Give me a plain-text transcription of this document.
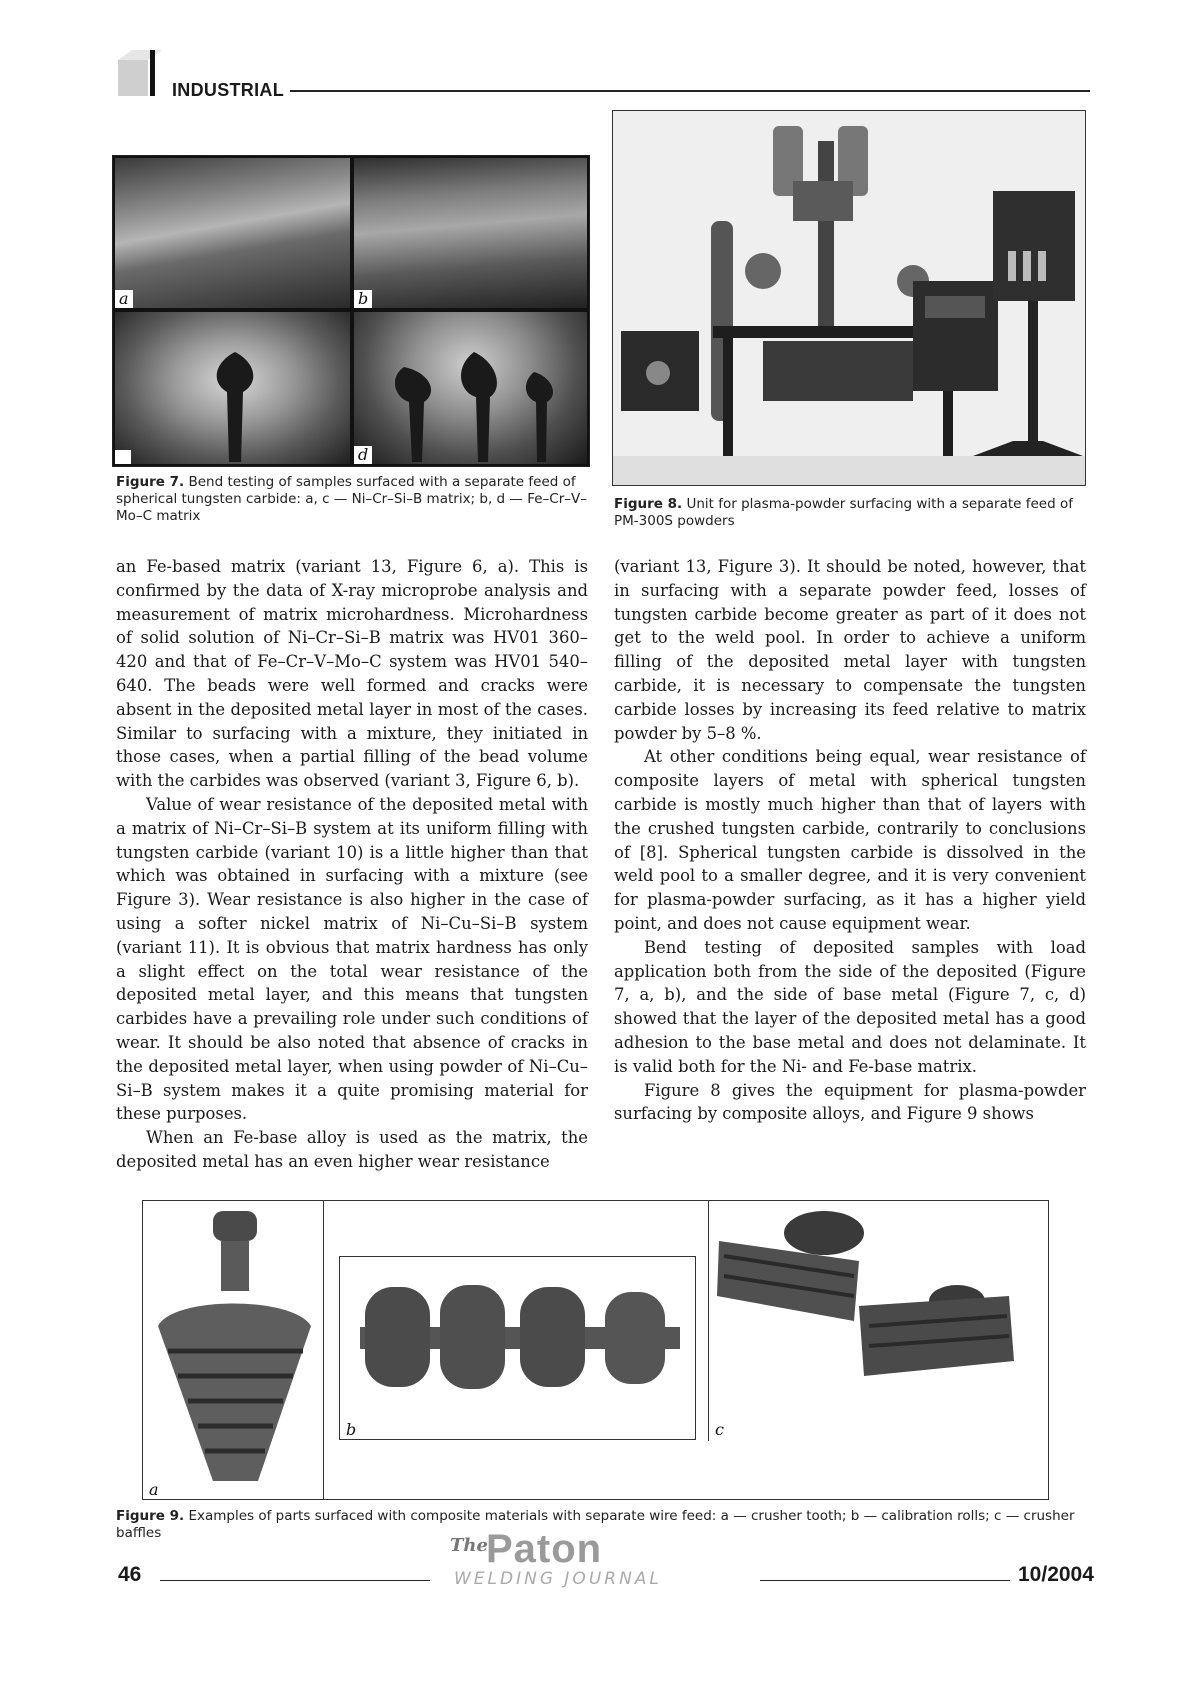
INDUSTRIAL
a	b
d
Figure 7. Bend testing of samples surfaced with a separate feed of spherical tungsten carbide: a, c — Ni–Cr–Si–B matrix; b, d — Fe–Cr–V–Mo–C matrix
Figure 8. Unit for plasma-powder surfacing with a separate feed of PM-300S powders

an Fe-based matrix (variant 13, Figure 6, a). This is confirmed by the data of X-ray microprobe analysis and measurement of matrix microhardness. Microhardness of solid solution of Ni–Cr–Si–B matrix was HV01 360–420 and that of Fe–Cr–V–Mo–C system was HV01 540–640. The beads were well formed and cracks were absent in the deposited metal layer in most of the cases. Similar to surfacing with a mixture, they initiated in those cases, when a partial filling of the bead volume with the carbides was observed (variant 3, Figure 6, b).

Value of wear resistance of the deposited metal with a matrix of Ni–Cr–Si–B system at its uniform filling with tungsten carbide (variant 10) is a little higher than that which was obtained in surfacing with a mixture (see Figure 3). Wear resistance is also higher in the case of using a softer nickel matrix of Ni–Cu–Si–B system (variant 11). It is obvious that matrix hardness has only a slight effect on the total wear resistance of the deposited metal layer, and this means that tungsten carbides have a prevailing role under such conditions of wear. It should be also noted that absence of cracks in the deposited metal layer, when using powder of Ni–Cu–Si–B system makes it a quite promising material for these purposes.

When an Fe-base alloy is used as the matrix, the deposited metal has an even higher wear resistance

(variant 13, Figure 3). It should be noted, however, that in surfacing with a separate powder feed, losses of tungsten carbide become greater as part of it does not get to the weld pool. In order to achieve a uniform filling of the deposited metal layer with tungsten carbide, it is necessary to compensate the tungsten carbide losses by increasing its feed relative to matrix powder by 5–8 %.

At other conditions being equal, wear resistance of composite layers of metal with spherical tungsten carbide is mostly much higher than that of layers with the crushed tungsten carbide, contrarily to conclusions of [8]. Spherical tungsten carbide is dissolved in the weld pool to a smaller degree, and it is very convenient for plasma-powder surfacing, as it has a higher yield point, and does not cause equipment wear.

Bend testing of deposited samples with load application both from the side of the deposited (Figure 7, a, b), and the side of base metal (Figure 7, c, d) showed that the layer of the deposited metal has a good adhesion to the base metal and does not delaminate. It is valid both for the Ni- and Fe-base matrix.

Figure 8 gives the equipment for plasma-powder surfacing by composite alloys, and Figure 9 shows

a
b	c
Figure 9. Examples of parts surfaced with composite materials with separate wire feed: a — crusher tooth; b — calibration rolls; c — crusher baffles
46
The
Paton
WELDING JOURNAL	10/2004
